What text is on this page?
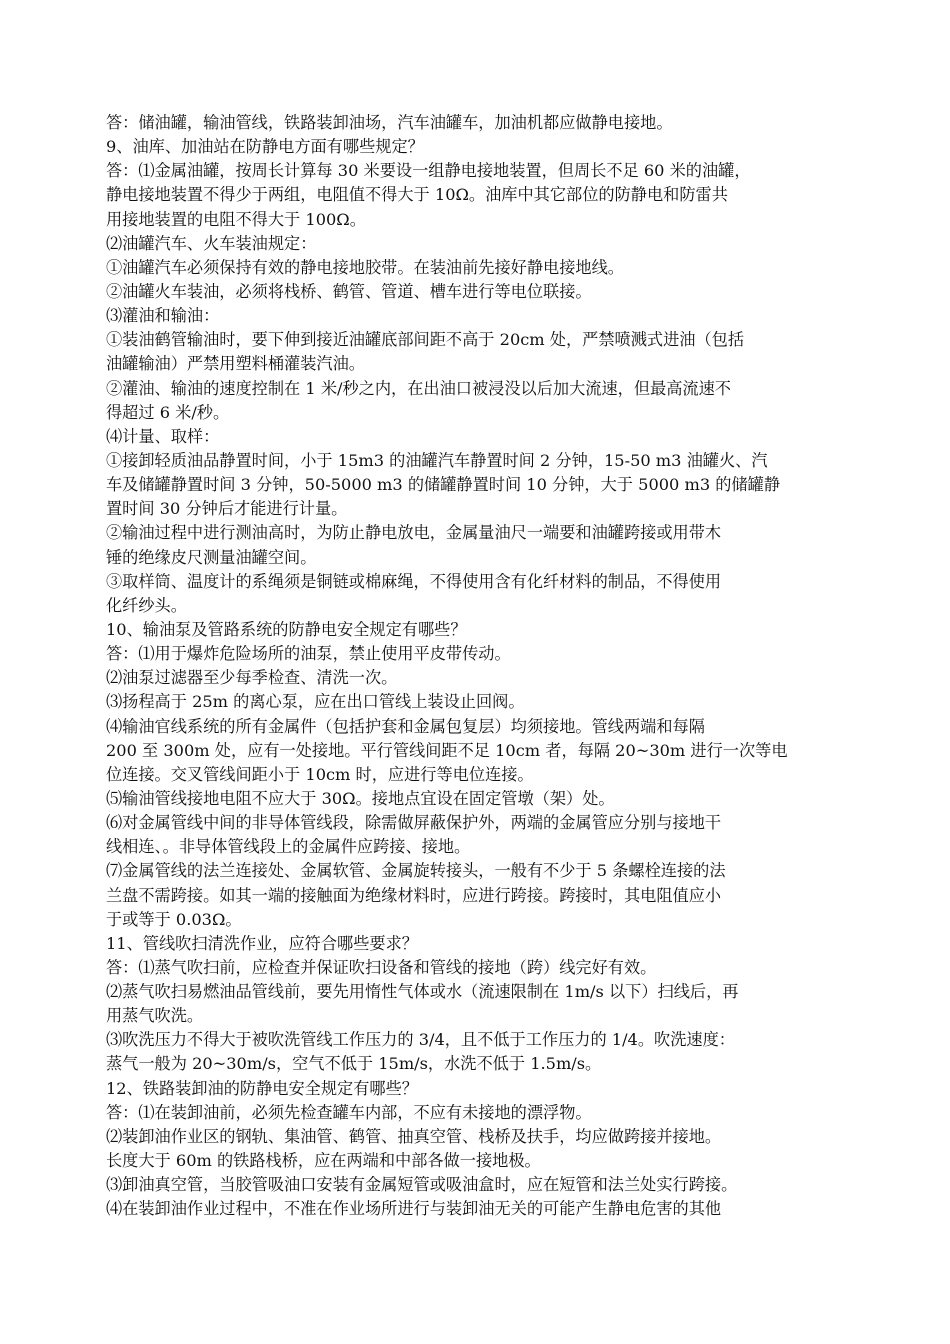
答：储油罐，输油管线，铁路装卸油场，汽车油罐车，加油机都应做静电接地。
9、油库、加油站在防静电方面有哪些规定？
答：⑴金属油罐，按周长计算每 30 米要设一组静电接地装置，但周长不足 60 米的油罐，
静电接地装置不得少于两组，电阻值不得大于 10Ω。油库中其它部位的防静电和防雷共
用接地装置的电阻不得大于 100Ω。
⑵油罐汽车、火车装油规定：
①油罐汽车必须保持有效的静电接地胶带。在装油前先接好静电接地线。
②油罐火车装油，必须将栈桥、鹤管、管道、槽车进行等电位联接。
⑶灌油和输油：
①装油鹤管输油时，要下伸到接近油罐底部间距不高于 20cm 处，严禁喷溅式进油（包括
油罐输油）严禁用塑料桶灌装汽油。
②灌油、输油的速度控制在 1 米/秒之内，在出油口被浸没以后加大流速，但最高流速不
得超过 6 米/秒。
⑷计量、取样：
①接卸轻质油品静置时间，小于 15m3 的油罐汽车静置时间 2 分钟，15-50 m3 油罐火、汽
车及储罐静置时间 3 分钟，50-5000 m3 的储罐静置时间 10 分钟，大于 5000 m3 的储罐静
置时间 30 分钟后才能进行计量。
②输油过程中进行测油高时，为防止静电放电，金属量油尺一端要和油罐跨接或用带木
锤的绝缘皮尺测量油罐空间。
③取样筒、温度计的系绳须是铜链或棉麻绳，不得使用含有化纤材料的制品，不得使用
化纤纱头。
10、输油泵及管路系统的防静电安全规定有哪些？
答：⑴用于爆炸危险场所的油泵，禁止使用平皮带传动。
⑵油泵过滤器至少每季检查、清洗一次。
⑶扬程高于 25m 的离心泵，应在出口管线上装设止回阀。
⑷输油官线系统的所有金属件（包括护套和金属包复层）均须接地。管线两端和每隔
200 至 300m 处，应有一处接地。平行管线间距不足 10cm 者，每隔 20~30m 进行一次等电
位连接。交叉管线间距小于 10cm 时，应进行等电位连接。
⑸输油管线接地电阻不应大于 30Ω。接地点宜设在固定管墩（架）处。
⑹对金属管线中间的非导体管线段，除需做屏蔽保护外，两端的金属管应分别与接地干
线相连、。非导体管线段上的金属件应跨接、接地。
⑺金属管线的法兰连接处、金属软管、金属旋转接头，一般有不少于 5 条螺栓连接的法
兰盘不需跨接。如其一端的接触面为绝缘材料时，应进行跨接。跨接时，其电阻值应小
于或等于 0.03Ω。
11、管线吹扫清洗作业，应符合哪些要求？
答：⑴蒸气吹扫前，应检查并保证吹扫设备和管线的接地（跨）线完好有效。
⑵蒸气吹扫易燃油品管线前，要先用惰性气体或水（流速限制在 1m/s 以下）扫线后，再
用蒸气吹洗。
⑶吹洗压力不得大于被吹洗管线工作压力的 3/4，且不低于工作压力的 1/4。吹洗速度：
蒸气一般为 20~30m/s，空气不低于 15m/s，水洗不低于 1.5m/s。
12、铁路装卸油的防静电安全规定有哪些？
答：⑴在装卸油前，必须先检查罐车内部，不应有未接地的漂浮物。
⑵装卸油作业区的钢轨、集油管、鹤管、抽真空管、栈桥及扶手，均应做跨接并接地。
长度大于 60m 的铁路栈桥，应在两端和中部各做一接地极。
⑶卸油真空管，当胶管吸油口安装有金属短管或吸油盒时，应在短管和法兰处实行跨接。
⑷在装卸油作业过程中，不准在作业场所进行与装卸油无关的可能产生静电危害的其他
